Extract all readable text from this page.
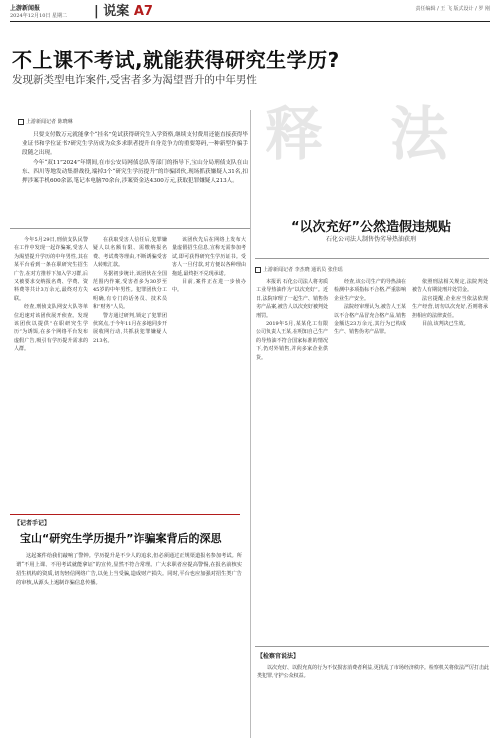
上游新闻报
2024年12月10日 星期二 | 说案 A7	责任编辑 / 王 飞 版式设计 / 罗 刚
释 法
不上课不考试,就能获得研究生学历?
发现新类型电诈案件,受害者多为渴望晋升的中年男性
上游新闻记者 陈晓琳

只要支付数万元就能拿个“挂名”免试获得研究生入学资格,继续支付费用还能直接获得毕业证书和学位证书?研究生学历成为众多求职者提升自身竞争力的重要筹码,一种新型诈骗手段随之出现。

今年“双11”2024”年期间,在市公安局网侦总队等部门的指导下,宝山分局刑侦支队在山东、四川等地发动集群战役,端掉3个“研究生学历提升”的诈骗团伙,现场抓获嫌疑人31名,扣押涉案手机600余部,笔记本电脑70余台,涉案资金达4300万元,获取犯罪嫌疑人213人。

今年5月29日,刑侦支队民警在工作中发现一起诈骗案,受害人为渴望提升学历的中年男性,其在某平台看到一条在职研究生招生广告,在对方推荐下加入学习群,后又被要求交纳报名费、学费、资料费等共计3万余元,最终对方失联。

经查,刑侦支队网安大队等单位迅速对该团伙展开侦查。发现该团伙以提供“在职研究生学历”为诱饵,在多个网络平台发布虚假广告,吸引有学历提升需求的人群。

在获取受害人信任后,犯罪嫌疑人以名额有限、需缴纳报名费、考试费等理由,不断诱骗受害人转账汇款。

另据初步统计,该团伙在全国范围内作案,受害者多为30岁至45岁的中年男性。犯罪团伙分工明确,有专门的话务员、技术员和“财务”人员。

警方通过研判,锁定了犯罪团伙窝点,于今年11月在多地同步开展收网行动,共抓获犯罪嫌疑人213名。

该团伙先后在网络上发布大量虚假招生信息,宣称无需参加考试,即可获得研究生学历证书。受害人一旦付款,对方便以各种理由拖延,最终拒不兑现承诺。

目前,案件正在进一步侦办中。

“以次充好”公然造假违规贴
石化公司法人制售伪劣导热油获刑
上游新闻记者 李杰晓 通讯员 张佳瑶

本报讯 石化公司法人将劣质工业导热油作为“以次充好”。近日,法院审理了一起生产、销售伪劣产品案,被告人以次充好被判处刑罚。

2019年5月,某某化工有限公司负责人王某,在明知自己生产的导热油不符合国家标准的情况下,仍对外销售,并向多家企业供货。

经查,该公司生产的导热油在检测中多项指标不合格,严重影响企业生产安全。

法院经审理认为,被告人王某以不合格产品冒充合格产品,销售金额达23万余元,其行为已构成生产、销售伪劣产品罪。

依照刑法相关规定,法院判处被告人有期徒刑并处罚金。

法官提醒,企业应当依法依规生产经营,切勿以次充好,否则将承担相应的法律责任。

目前,该判决已生效。

【检察官说法】

以次充好、以假充真的行为不仅损害消费者利益,更扰乱了市场经济秩序。检察机关将依法严厉打击此类犯罪,守护公众权益。

【记者手记】
宝山“研究生学历提升”诈骗案背后的深思

这起案件给我们敲响了警钟。学历提升是不少人的追求,但必须通过正规渠道报名参加考试。所谓“不用上课、不用考试就能拿证”的宣传,显然不符合常理。广大求职者应提高警惕,在报名前核实招生机构的资质,切勿轻信网络广告,以免上当受骗,造成财产损失。同时,平台也应加强对招生类广告的审核,从源头上遏制诈骗信息传播。
